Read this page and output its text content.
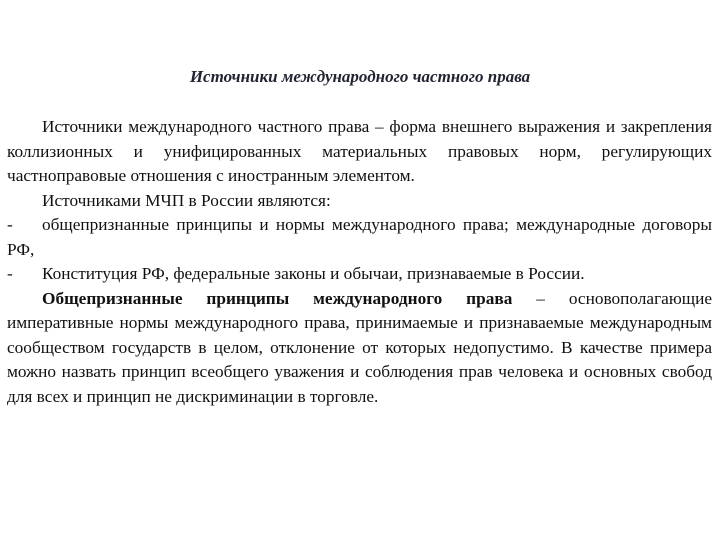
Источники международного частного права

Источники международного частного права – форма внешнего выражения и закрепления коллизионных и унифицированных материальных правовых норм, регулирующих частноправовые отношения с иностранным элементом.

Источниками МЧП в России являются:

- общепризнанные принципы и нормы международного права; международные договоры РФ,

- Конституция РФ, федеральные законы и обычаи, признаваемые в России.

Общепризнанные принципы международного права – основополагающие императивные нормы международного права, принимаемые и признаваемые международным сообществом государств в целом, отклонение от которых недопустимо. В качестве примера можно назвать принцип всеобщего уважения и соблюдения прав человека и основных свобод для всех и принцип не дискриминации в торговле.
